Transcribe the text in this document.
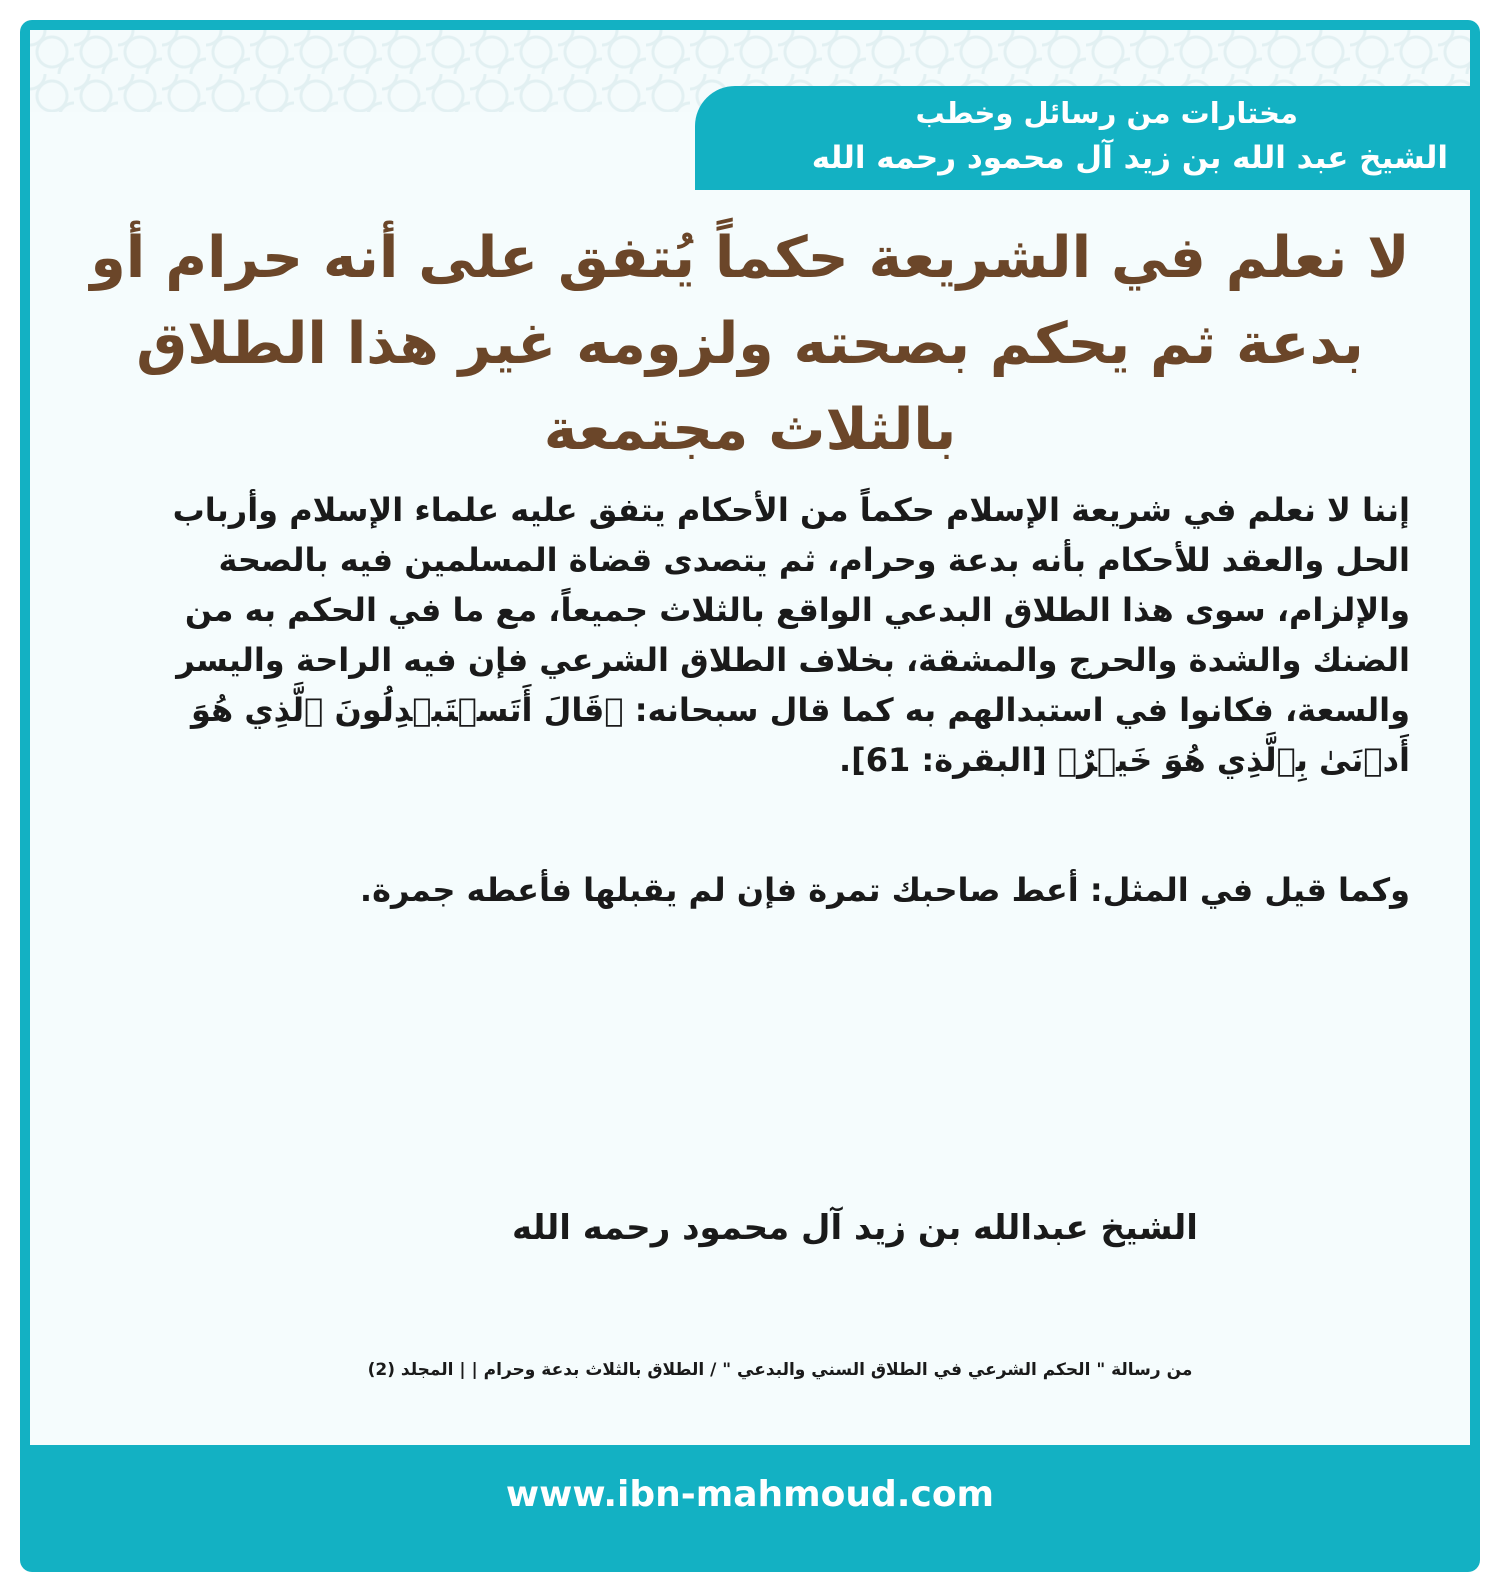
مختارات من رسائل وخطب
الشيخ عبد الله بن زيد آل محمود رحمه الله
لا نعلم في الشريعة حكماً يُتفق على أنه حرام أو بدعة ثم يحكم بصحته ولزومه غير هذا الطلاق بالثلاث مجتمعة

إننا لا نعلم في شريعة الإسلام حكماً من الأحكام يتفق عليه علماء الإسلام وأرباب الحل والعقد للأحكام بأنه بدعة وحرام، ثم يتصدى قضاة المسلمين فيه بالصحة والإلزام، سوى هذا الطلاق البدعي الواقع بالثلاث جميعاً، مع ما في الحكم به من الضنك والشدة والحرج والمشقة، بخلاف الطلاق الشرعي فإن فيه الراحة واليسر والسعة، فكانوا في استبدالهم به كما قال سبحانه: ﴿قَالَ أَتَسۡتَبۡدِلُونَ ٱلَّذِي هُوَ أَدۡنَىٰ بِٱلَّذِي هُوَ خَيۡرٌ﴾ [البقرة: 61].

وكما قيل في المثل: أعط صاحبك تمرة فإن لم يقبلها فأعطه جمرة.

الشيخ عبدالله بن زيد آل محمود رحمه الله
من رسالة " الحكم الشرعي في الطلاق السني والبدعي " / الطلاق بالثلاث بدعة وحرام | | المجلد (2)
www.ibn-mahmoud.com
